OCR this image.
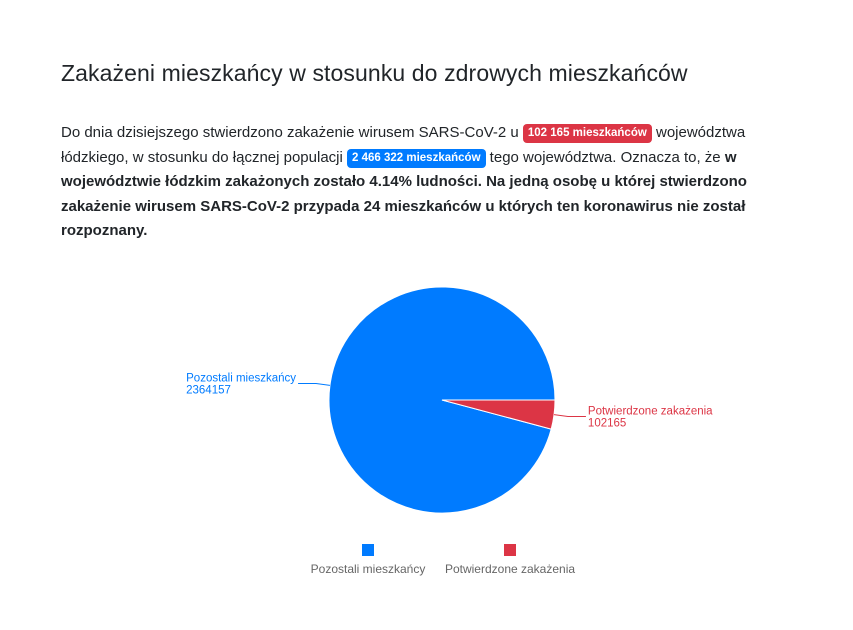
Zakażeni mieszkańcy w stosunku do zdrowych mieszkańców

Do dnia dzisiejszego stwierdzono zakażenie wirusem SARS-CoV-2 u 102 165 mieszkańców województwa łódzkiego, w stosunku do łącznej populacji 2 466 322 mieszkańców tego województwa. Oznacza to, że w województwie łódzkim zakażonych zostało 4.14% ludności. Na jedną osobę u której stwierdzono zakażenie wirusem SARS-CoV-2 przypada 24 mieszkańców u których ten koronawirus nie został rozpoznany.

Pozostali mieszkańcy
2364157
Potwierdzone zakażenia
102165
Pozostali mieszkańcy Potwierdzone zakażenia
